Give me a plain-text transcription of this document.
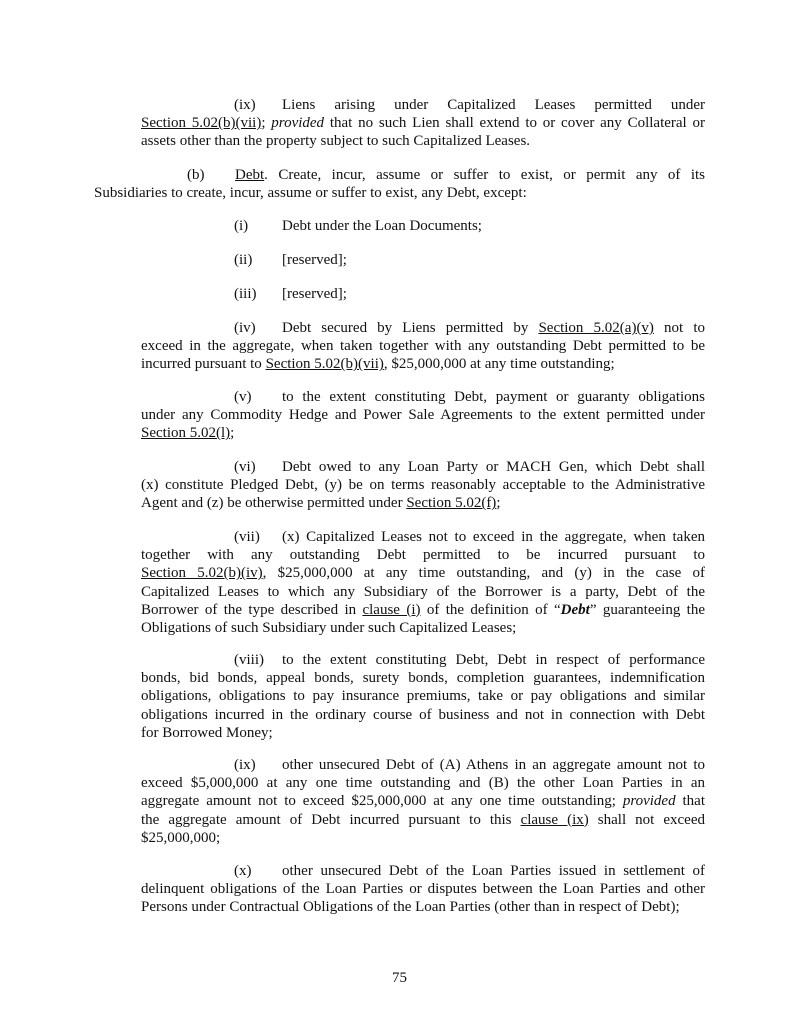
(ix) Liens arising under Capitalized Leases permitted under
Section 5.02(b)(vii); provided that no such Lien shall extend to or cover any Collateral or
assets other than the property subject to such Capitalized Leases.
(b) Debt. Create, incur, assume or suffer to exist, or permit any of its
Subsidiaries to create, incur, assume or suffer to exist, any Debt, except:
(i) Debt under the Loan Documents;
(ii) [reserved];
(iii) [reserved];
(iv) Debt secured by Liens permitted by Section 5.02(a)(v) not to
exceed in the aggregate, when taken together with any outstanding Debt permitted to be
incurred pursuant to Section 5.02(b)(vii), $25,000,000 at any time outstanding;
(v) to the extent constituting Debt, payment or guaranty obligations
under any Commodity Hedge and Power Sale Agreements to the extent permitted under
Section 5.02(l);
(vi) Debt owed to any Loan Party or MACH Gen, which Debt shall
(x) constitute Pledged Debt, (y) be on terms reasonably acceptable to the Administrative
Agent and (z) be otherwise permitted under Section 5.02(f);
(vii) (x) Capitalized Leases not to exceed in the aggregate, when taken
together with any outstanding Debt permitted to be incurred pursuant to
Section 5.02(b)(iv), $25,000,000 at any time outstanding, and (y) in the case of
Capitalized Leases to which any Subsidiary of the Borrower is a party, Debt of the
Borrower of the type described in clause (i) of the definition of “Debt” guaranteeing the
Obligations of such Subsidiary under such Capitalized Leases;
(viii) to the extent constituting Debt, Debt in respect of performance
bonds, bid bonds, appeal bonds, surety bonds, completion guarantees, indemnification
obligations, obligations to pay insurance premiums, take or pay obligations and similar
obligations incurred in the ordinary course of business and not in connection with Debt
for Borrowed Money;
(ix) other unsecured Debt of (A) Athens in an aggregate amount not to
exceed $5,000,000 at any one time outstanding and (B) the other Loan Parties in an
aggregate amount not to exceed $25,000,000 at any one time outstanding; provided that
the aggregate amount of Debt incurred pursuant to this clause (ix) shall not exceed
$25,000,000;
(x) other unsecured Debt of the Loan Parties issued in settlement of
delinquent obligations of the Loan Parties or disputes between the Loan Parties and other
Persons under Contractual Obligations of the Loan Parties (other than in respect of Debt);
75
